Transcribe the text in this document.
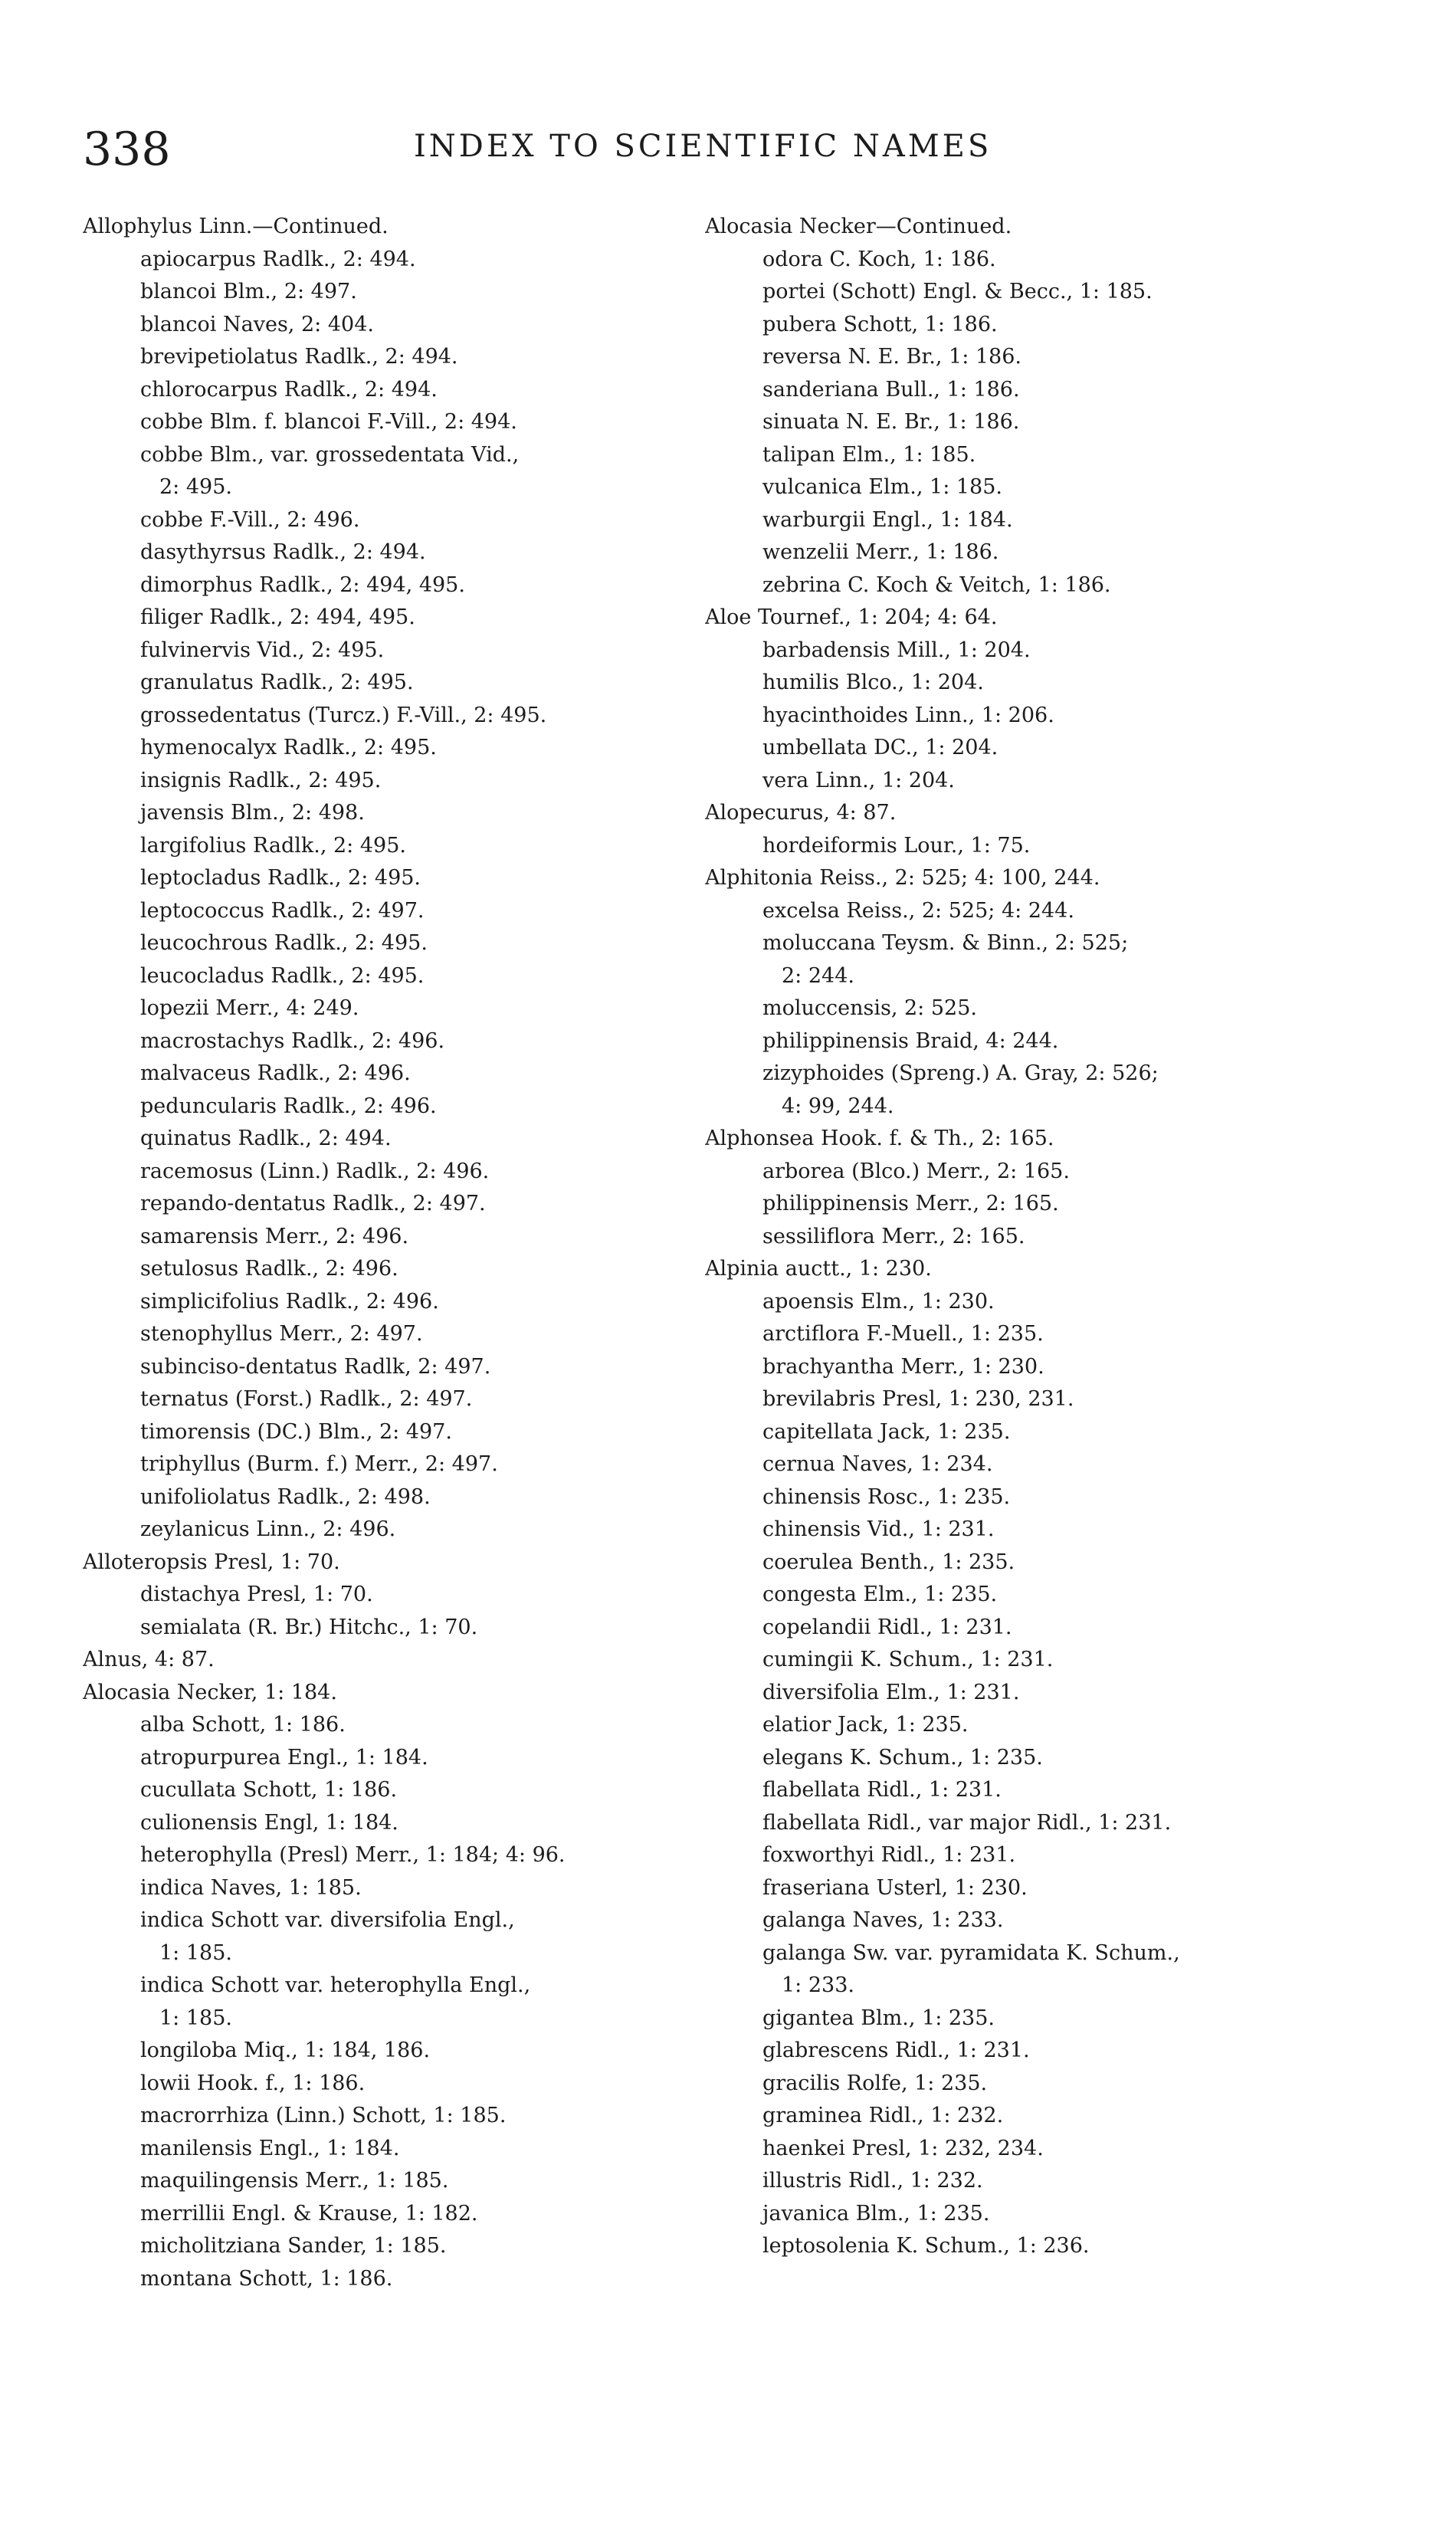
338	INDEX TO SCIENTIFIC NAMES
Allophylus Linn.—Continued.
apiocarpus Radlk., 2: 494.
blancoi Blm., 2: 497.
blancoi Naves, 2: 404.
brevipetiolatus Radlk., 2: 494.
chlorocarpus Radlk., 2: 494.
cobbe Blm. f. blancoi F.-Vill., 2: 494.
cobbe Blm., var. grossedentata Vid.,
2: 495.
cobbe F.-Vill., 2: 496.
dasythyrsus Radlk., 2: 494.
dimorphus Radlk., 2: 494, 495.
filiger Radlk., 2: 494, 495.
fulvinervis Vid., 2: 495.
granulatus Radlk., 2: 495.
grossedentatus (Turcz.) F.-Vill., 2: 495.
hymenocalyx Radlk., 2: 495.
insignis Radlk., 2: 495.
javensis Blm., 2: 498.
largifolius Radlk., 2: 495.
leptocladus Radlk., 2: 495.
leptococcus Radlk., 2: 497.
leucochrous Radlk., 2: 495.
leucocladus Radlk., 2: 495.
lopezii Merr., 4: 249.
macrostachys Radlk., 2: 496.
malvaceus Radlk., 2: 496.
peduncularis Radlk., 2: 496.
quinatus Radlk., 2: 494.
racemosus (Linn.) Radlk., 2: 496.
repando-dentatus Radlk., 2: 497.
samarensis Merr., 2: 496.
setulosus Radlk., 2: 496.
simplicifolius Radlk., 2: 496.
stenophyllus Merr., 2: 497.
subinciso-dentatus Radlk, 2: 497.
ternatus (Forst.) Radlk., 2: 497.
timorensis (DC.) Blm., 2: 497.
triphyllus (Burm. f.) Merr., 2: 497.
unifoliolatus Radlk., 2: 498.
zeylanicus Linn., 2: 496.
Alloteropsis Presl, 1: 70.
distachya Presl, 1: 70.
semialata (R. Br.) Hitchc., 1: 70.
Alnus, 4: 87.
Alocasia Necker, 1: 184.
alba Schott, 1: 186.
atropurpurea Engl., 1: 184.
cucullata Schott, 1: 186.
culionensis Engl, 1: 184.
heterophylla (Presl) Merr., 1: 184; 4: 96.
indica Naves, 1: 185.
indica Schott var. diversifolia Engl.,
1: 185.
indica Schott var. heterophylla Engl.,
1: 185.
longiloba Miq., 1: 184, 186.
lowii Hook. f., 1: 186.
macrorrhiza (Linn.) Schott, 1: 185.
manilensis Engl., 1: 184.
maquilingensis Merr., 1: 185.
merrillii Engl. & Krause, 1: 182.
micholitziana Sander, 1: 185.
montana Schott, 1: 186.
Alocasia Necker—Continued.
odora C. Koch, 1: 186.
portei (Schott) Engl. & Becc., 1: 185.
pubera Schott, 1: 186.
reversa N. E. Br., 1: 186.
sanderiana Bull., 1: 186.
sinuata N. E. Br., 1: 186.
talipan Elm., 1: 185.
vulcanica Elm., 1: 185.
warburgii Engl., 1: 184.
wenzelii Merr., 1: 186.
zebrina C. Koch & Veitch, 1: 186.
Aloe Tournef., 1: 204; 4: 64.
barbadensis Mill., 1: 204.
humilis Blco., 1: 204.
hyacinthoides Linn., 1: 206.
umbellata DC., 1: 204.
vera Linn., 1: 204.
Alopecurus, 4: 87.
hordeiformis Lour., 1: 75.
Alphitonia Reiss., 2: 525; 4: 100, 244.
excelsa Reiss., 2: 525; 4: 244.
moluccana Teysm. & Binn., 2: 525;
2: 244.
moluccensis, 2: 525.
philippinensis Braid, 4: 244.
zizyphoides (Spreng.) A. Gray, 2: 526;
4: 99, 244.
Alphonsea Hook. f. & Th., 2: 165.
arborea (Blco.) Merr., 2: 165.
philippinensis Merr., 2: 165.
sessiliflora Merr., 2: 165.
Alpinia auctt., 1: 230.
apoensis Elm., 1: 230.
arctiflora F.-Muell., 1: 235.
brachyantha Merr., 1: 230.
brevilabris Presl, 1: 230, 231.
capitellata Jack, 1: 235.
cernua Naves, 1: 234.
chinensis Rosc., 1: 235.
chinensis Vid., 1: 231.
coerulea Benth., 1: 235.
congesta Elm., 1: 235.
copelandii Ridl., 1: 231.
cumingii K. Schum., 1: 231.
diversifolia Elm., 1: 231.
elatior Jack, 1: 235.
elegans K. Schum., 1: 235.
flabellata Ridl., 1: 231.
flabellata Ridl., var major Ridl., 1: 231.
foxworthyi Ridl., 1: 231.
fraseriana Usterl, 1: 230.
galanga Naves, 1: 233.
galanga Sw. var. pyramidata K. Schum.,
1: 233.
gigantea Blm., 1: 235.
glabrescens Ridl., 1: 231.
gracilis Rolfe, 1: 235.
graminea Ridl., 1: 232.
haenkei Presl, 1: 232, 234.
illustris Ridl., 1: 232.
javanica Blm., 1: 235.
leptosolenia K. Schum., 1: 236.
